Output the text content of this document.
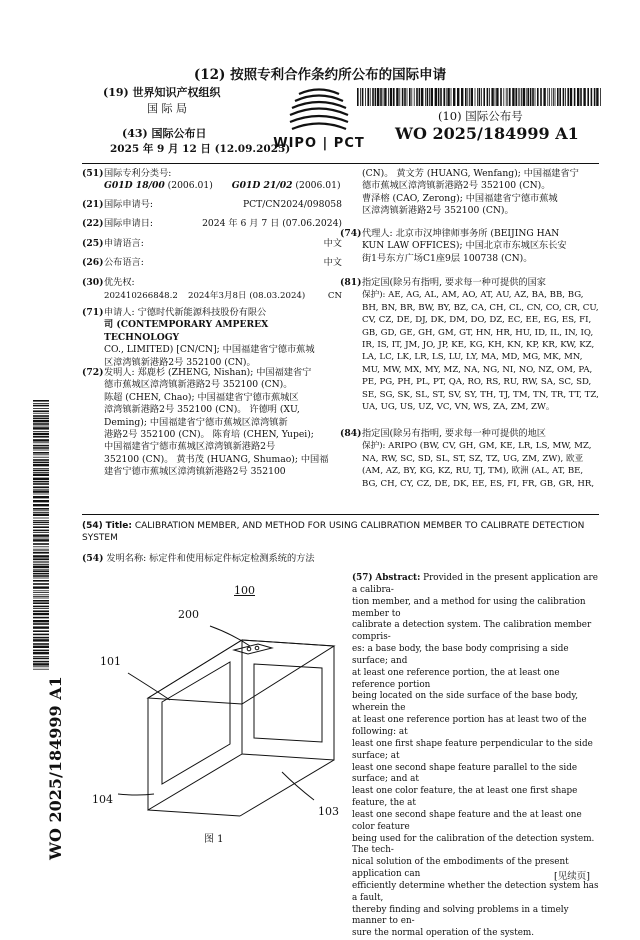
(12) 按照专利合作条约所公布的国际申请
(19) 世界知识产权组织
国 际 局
(43) 国际公布日
2025 年 9 月 12 日 (12.09.2025)
WIPO | PCT
(10) 国际公布号
WO 2025/184999 A1
(51) 国际专利分类号:
G01D 18/00 (2006.01) G01D 21/02 (2006.01)
(21) 国际申请号:	PCT/CN2024/098058
(22) 国际申请日:	2024 年 6 月 7 日 (07.06.2024)
(25) 申请语言:	中文
(26) 公布语言:	中文
(30) 优先权:
202410266848.2 2024年3月8日 (08.03.2024)	CN
(71) 申请人: 宁德时代新能源科技股份有限公
司 (CONTEMPORARY AMPEREX TECHNOLOGY
CO., LIMITED) [CN/CN]; 中国福建省宁德市蕉城
区漳湾镇新港路2号 352100 (CN)。
(72) 发明人: 郑鹿杉 (ZHENG, Nishan); 中国福建省宁
德市蕉城区漳湾镇新港路2号 352100 (CN)。
陈超 (CHEN, Chao); 中国福建省宁德市蕉城区
漳湾镇新港路2号 352100 (CN)。 许德明 (XU,
Deming); 中国福建省宁德市蕉城区漳湾镇新
港路2号 352100 (CN)。 陈育培 (CHEN, Yupei);
中国福建省宁德市蕉城区漳湾镇新港路2号
352100 (CN)。 黄书茂 (HUANG, Shumao); 中国福
建省宁德市蕉城区漳湾镇新港路2号 352100
(CN)。 黄文芳 (HUANG, Wenfang); 中国福建省宁
德市蕉城区漳湾镇新港路2号 352100 (CN)。
曹泽榕 (CAO, Zerong); 中国福建省宁德市蕉城
区漳湾镇新港路2号 352100 (CN)。
(74) 代理人: 北京市汉坤律师事务所 (BEIJING HAN
KUN LAW OFFICES); 中国北京市东城区东长安
街1号东方广场C1座9层 100738 (CN)。
(81) 指定国(除另有指明, 要求每一种可提供的国家
保护): AE, AG, AL, AM, AO, AT, AU, AZ, BA, BB, BG,
BH, BN, BR, BW, BY, BZ, CA, CH, CL, CN, CO, CR, CU,
CV, CZ, DE, DJ, DK, DM, DO, DZ, EC, EE, EG, ES, FI,
GB, GD, GE, GH, GM, GT, HN, HR, HU, ID, IL, IN, IQ,
IR, IS, IT, JM, JO, JP, KE, KG, KH, KN, KP, KR, KW, KZ,
LA, LC, LK, LR, LS, LU, LY, MA, MD, MG, MK, MN,
MU, MW, MX, MY, MZ, NA, NG, NI, NO, NZ, OM, PA,
PE, PG, PH, PL, PT, QA, RO, RS, RU, RW, SA, SC, SD,
SE, SG, SK, SL, ST, SV, SY, TH, TJ, TM, TN, TR, TT, TZ,
UA, UG, US, UZ, VC, VN, WS, ZA, ZM, ZW。
(84) 指定国(除另有指明, 要求每一种可提供的地区
保护): ARIPO (BW, CV, GH, GM, KE, LR, LS, MW, MZ,
NA, RW, SC, SD, SL, ST, SZ, TZ, UG, ZM, ZW), 欧亚
(AM, AZ, BY, KG, KZ, RU, TJ, TM), 欧洲 (AL, AT, BE,
BG, CH, CY, CZ, DE, DK, EE, ES, FI, FR, GB, GR, HR,
(54) Title: CALIBRATION MEMBER, AND METHOD FOR USING CALIBRATION MEMBER TO CALIBRATE DETECTION
SYSTEM
(54) 发明名称: 标定件和使用标定件标定检测系统的方法
100
200
101
104
103
图 1
(57) Abstract: Provided in the present application are a calibra-
tion member, and a method for using the calibration member to
calibrate a detection system. The calibration member compris-
es: a base body, the base body comprising a side surface; and
at least one reference portion, the at least one reference portion
being located on the side surface of the base body, wherein the
at least one reference portion has at least two of the following: at
least one first shape feature perpendicular to the side surface; at
least one second shape feature parallel to the side surface; and at
least one color feature, the at least one first shape feature, the at
least one second shape feature and the at least one color feature
being used for the calibration of the detection system. The tech-
nical solution of the embodiments of the present application can
efficiently determine whether the detection system has a fault,
thereby finding and solving problems in a timely manner to en-
sure the normal operation of the system.
WO 2025/184999 A1
[见续页]
